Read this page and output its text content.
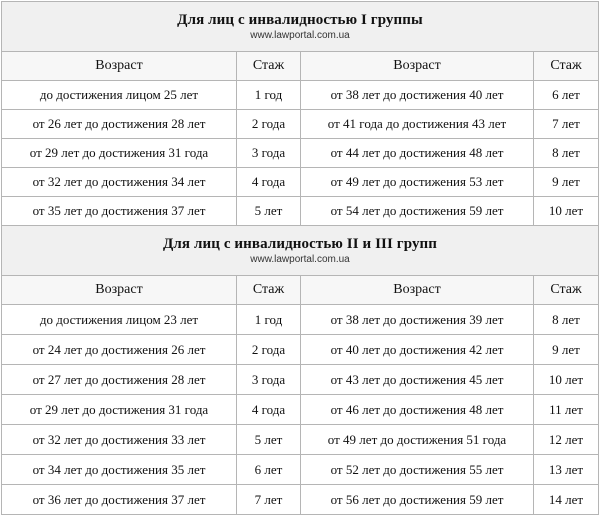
Для лиц с инвалидностью I группы
www.lawportal.com.ua			

Возраст	Стаж	Возраст	Стаж
до достижения лицом 25 лет	1 год	от 38 лет до достижения 40 лет	6 лет
от 26 лет до достижения 28 лет	2 года	от 41 года до достижения 43 лет	7 лет
от 29 лет до достижения 31 года	3 года	от 44 лет до достижения 48 лет	8 лет
от 32 лет до достижения 34 лет	4 года	от 49 лет до достижения 53 лет	9 лет
от 35 лет до достижения 37 лет	5 лет	от 54 лет до достижения 59 лет	10 лет

Для лиц с инвалидностью II и III групп
www.lawportal.com.ua			

Возраст	Стаж	Возраст	Стаж
до достижения лицом 23 лет	1 год	от 38 лет до достижения 39 лет	8 лет
от 24 лет до достижения 26 лет	2 года	от 40 лет до достижения 42 лет	9 лет
от 27 лет до достижения 28 лет	3 года	от 43 лет до достижения 45 лет	10 лет
от 29 лет до достижения 31 года	4 года	от 46 лет до достижения 48 лет	11 лет
от 32 лет до достижения 33 лет	5 лет	от 49 лет до достижения 51 года	12 лет
от 34 лет до достижения 35 лет	6 лет	от 52 лет до достижения 55 лет	13 лет
от 36 лет до достижения 37 лет	7 лет	от 56 лет до достижения 59 лет	14 лет
